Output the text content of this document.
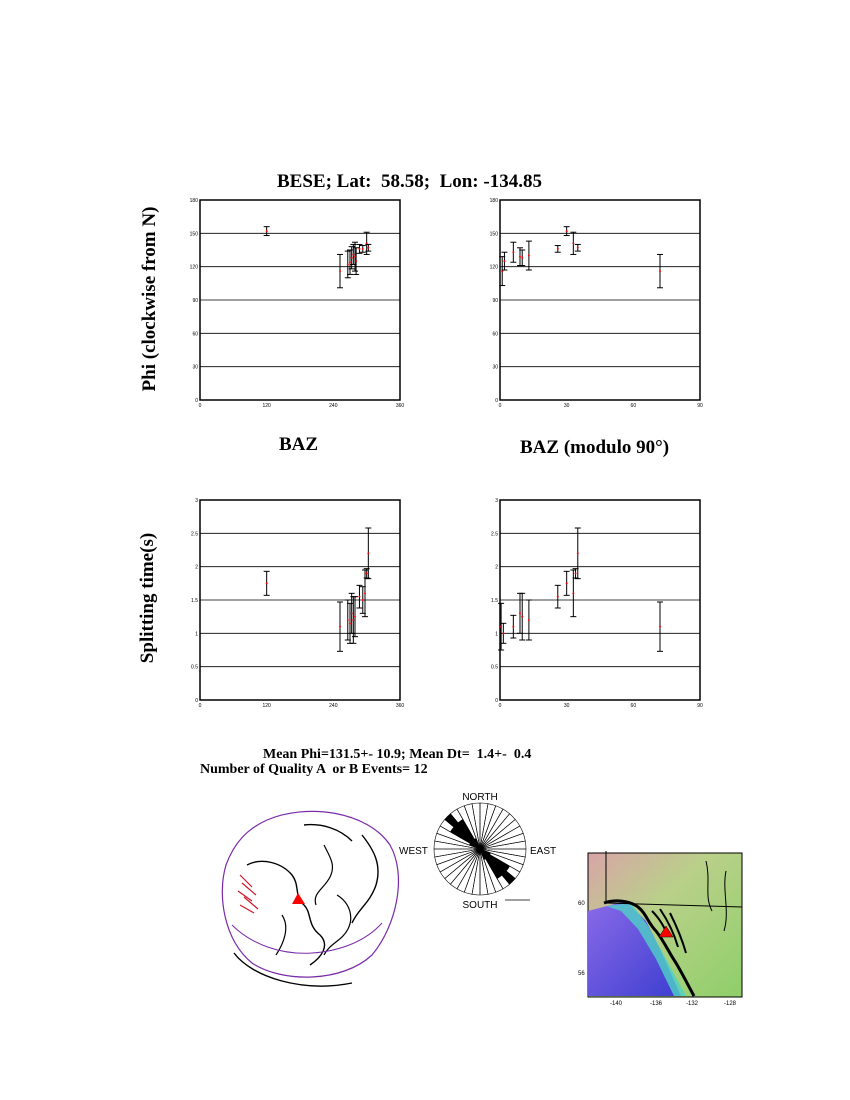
BESE; Lat:  58.58;  Lon: -134.85
Phi (clockwise from N)
Splitting time(s)
BAZ	BAZ (modulo 90°)
0
30
60
90
120
150
180
0	120	240	360
0
30
60
90
120
150
180
0	30	60	90
0
0.5
1
1.5
2
2.5
3
0	120	240	360
0
0.5
1
1.5
2
2.5
3
0	30	60	90
Mean Phi=131.5+- 10.9; Mean Dt=  1.4+-  0.4
Number of Quality A  or B Events= 12
NORTH
SOUTH
WEST	EAST
60
56
-140	-136	-132	-128
